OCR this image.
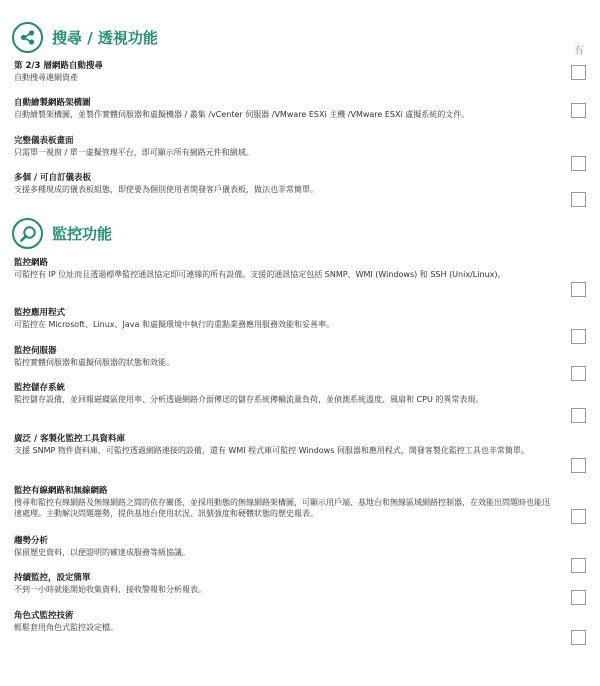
有
搜尋 / 透視功能
第 2/3 層網路自動搜尋
自動搜尋連網資產
自動繪製網路架構圖
自動繪製架構圖，並製作實體伺服器和虛擬機器 / 叢集 /vCenter 伺服器 /VMware ESXi 主機 /VMware ESXi 虛擬系統的文件。
完整儀表板畫面
只需單一視窗 / 單一虛擬管理平台，即可顯示所有網路元件和網域。
多個 / 可自訂儀表板
支援多種現成的儀表板組態，即使要為個別使用者開發客戶儀表板，做法也非常簡單。
監控功能
監控網路
可監控有 IP 位址而且透過標準監控通訊協定即可連線的所有設備。支援的通訊協定包括 SNMP、WMI (Windows) 和 SSH (Unix/Linux)。
監控應用程式
可監控在 Microsoft、Linux、Java 和虛擬環境中執行的重點業務應用服務效能和妥善率。
監控伺服器
監控實體伺服器和虛擬伺服器的狀態和效能。
監控儲存系統
監控儲存設備，並回報磁碟區使用率、分析透過網路介面傳送的儲存系統傳輸流量負荷，並偵測系統溫度、風扇和 CPU 的異常表現。
廣泛 / 客製化監控工具資料庫
支援 SNMP 物件資料庫，可監控透過網路連接的設備，還有 WMI 程式庫可監控 Windows 伺服器和應用程式，開發客製化監控工具也非常簡單。
監控有線網路和無線網路
搜尋和監控有線網路及無線網路之間的依存關係，並採用動態的無線網路架構圖，可顯示用戶端、基地台和無線區域網路控制器，在效能出問題時也能迅速處理。主動解決問題趨勢，提供基地台使用狀況、訊號強度和硬體狀態的歷史報表。
趨勢分析
保留歷史資料，以便證明的確達成服務等級協議。
持續監控，設定簡單
不到一小時就能開始收集資料，接收警報和分析報表。
角色式監控技術
輕鬆套用角色式監控設定檔。
